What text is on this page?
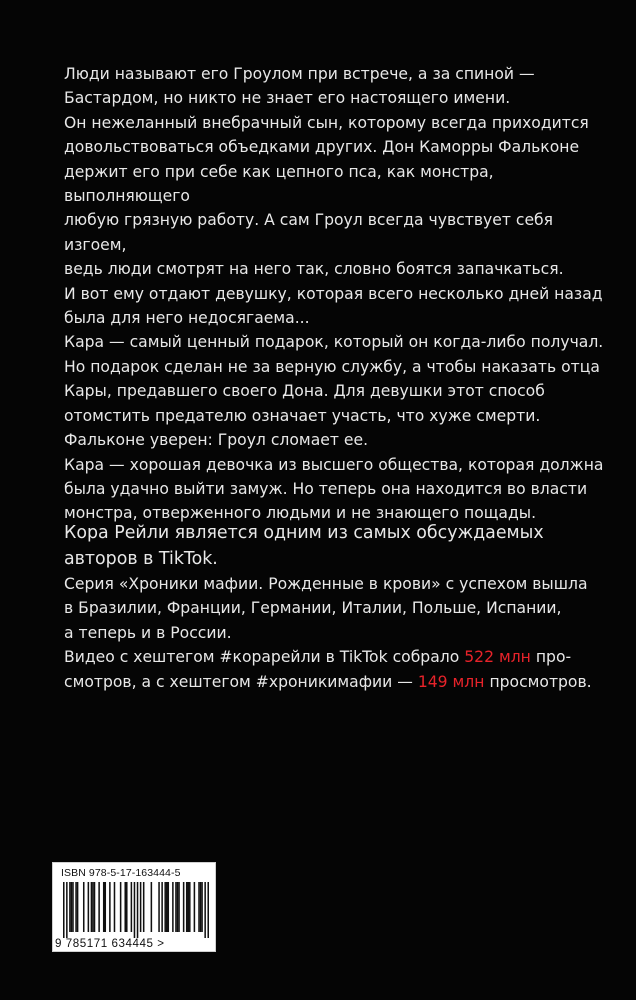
Люди называют его Гроулом при встрече, а за спиной —
Бастардом, но никто не знает его настоящего имени.

Он нежеланный внебрачный сын, которому всегда приходится
довольствоваться объедками других. Дон Каморры Фальконе
держит его при себе как цепного пса, как монстра, выполняющего
любую грязную работу. А сам Гроул всегда чувствует себя изгоем,
ведь люди смотрят на него так, словно боятся запачкаться.

И вот ему отдают девушку, которая всего несколько дней назад
была для него недосягаема...

Кара — самый ценный подарок, который он когда-либо получал.
Но подарок сделан не за верную службу, а чтобы наказать отца
Кары, предавшего своего Дона. Для девушки этот способ
отомстить предателю означает участь, что хуже смерти.

Фальконе уверен: Гроул сломает ее.

Кара — хорошая девочка из высшего общества, которая должна
была удачно выйти замуж. Но теперь она находится во власти
монстра, отверженного людьми и не знающего пощады.

Кора Рейли является одним из самых обсуждаемых
авторов в TikTok.

Серия «Хроники мафии. Рожденные в крови» с успехом вышла
в Бразилии, Франции, Германии, Италии, Польше, Испании,
а теперь и в России.

Видео с хештегом #корарейли в TikTok собрало 522 млн про-
смотров, а с хештегом #хроникимафии — 149 млн просмотров.

ISBN 978-5-17-163444-5
9 785171 634445 >
